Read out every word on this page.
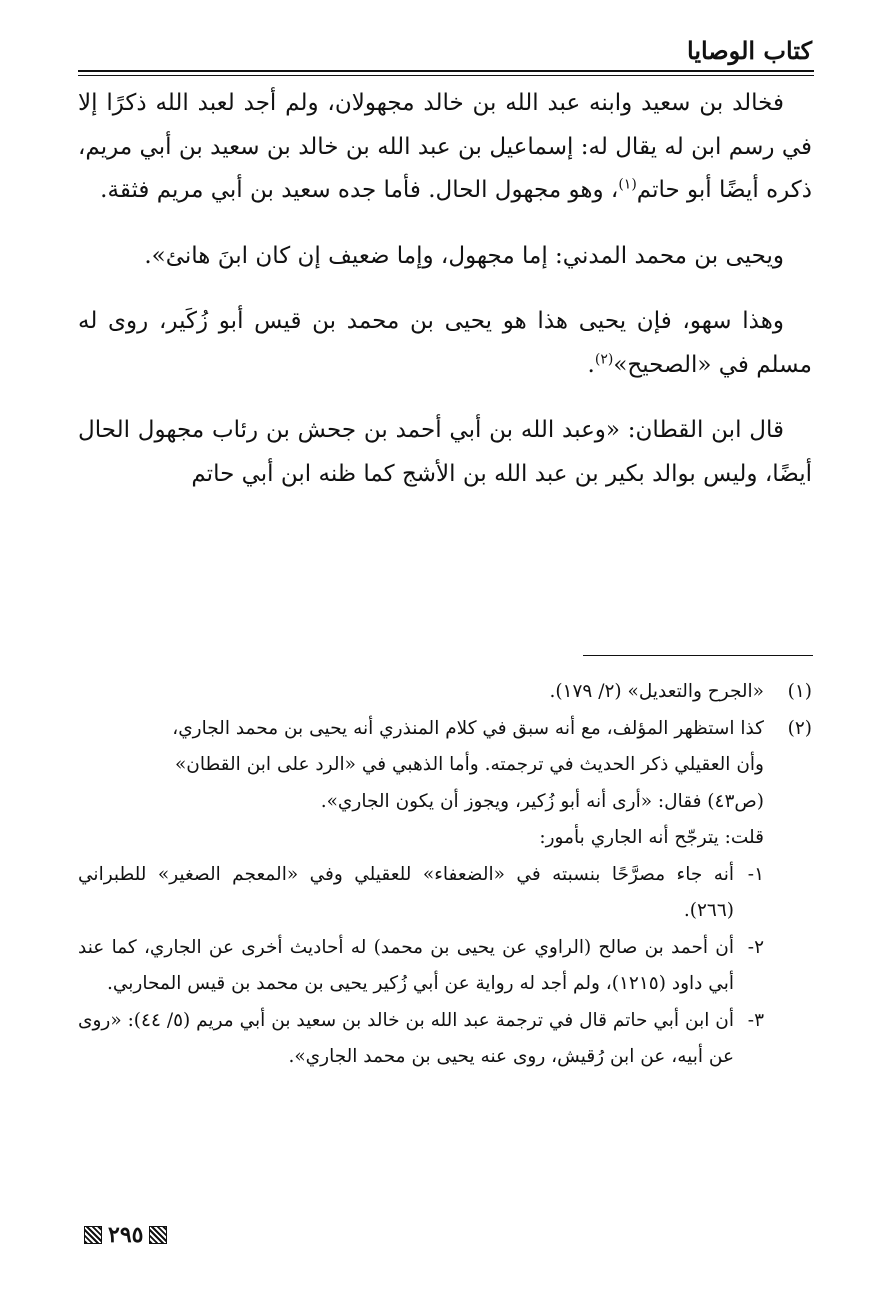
كتاب الوصايا

فخالد بن سعيد وابنه عبد الله بن خالد مجهولان، ولم أجد لعبد الله ذكرًا إلا في رسم ابن له يقال له: إسماعيل بن عبد الله بن خالد بن سعيد بن أبي مريم، ذكره أيضًا أبو حاتم$^{(١)}$، وهو مجهول الحال. فأما جده سعيد بن أبي مريم فثقة.

ويحيى بن محمد المدني: إما مجهول، وإما ضعيف إن كان ابنَ هانئ».

وهذا سهو، فإن يحيى هذا هو يحيى بن محمد بن قيس أبو زُكَير، روى له مسلم في «الصحيح»$^{(٢)}$.

قال ابن القطان: «وعبد الله بن أبي أحمد بن جحش بن رئاب مجهول الحال أيضًا، وليس بوالد بكير بن عبد الله بن الأشج كما ظنه ابن أبي حاتم

(١)
«الجرح والتعديل» (٢/ ١٧٩).
(٢)
كذا استظهر المؤلف، مع أنه سبق في كلام المنذري أنه يحيى بن محمد الجاري،
وأن العقيلي ذكر الحديث في ترجمته. وأما الذهبي في «الرد على ابن القطان»
(ص٤٣) فقال: «أرى أنه أبو زُكير، ويجوز أن يكون الجاري».
قلت: يترجّح أنه الجاري بأمور:
١-
أنه جاء مصرَّحًا بنسبته في «الضعفاء» للعقيلي وفي «المعجم الصغير» للطبراني (٢٦٦).
٢-
أن أحمد بن صالح (الراوي عن يحيى بن محمد) له أحاديث أخرى عن الجاري، كما عند أبي داود (١٢١٥)، ولم أجد له رواية عن أبي زُكير يحيى بن محمد بن قيس المحاربي.
٣-
أن ابن أبي حاتم قال في ترجمة عبد الله بن خالد بن سعيد بن أبي مريم (٥/ ٤٤): «روى عن أبيه، عن ابن رُقيش، روى عنه يحيى بن محمد الجاري».
٢٩٥
